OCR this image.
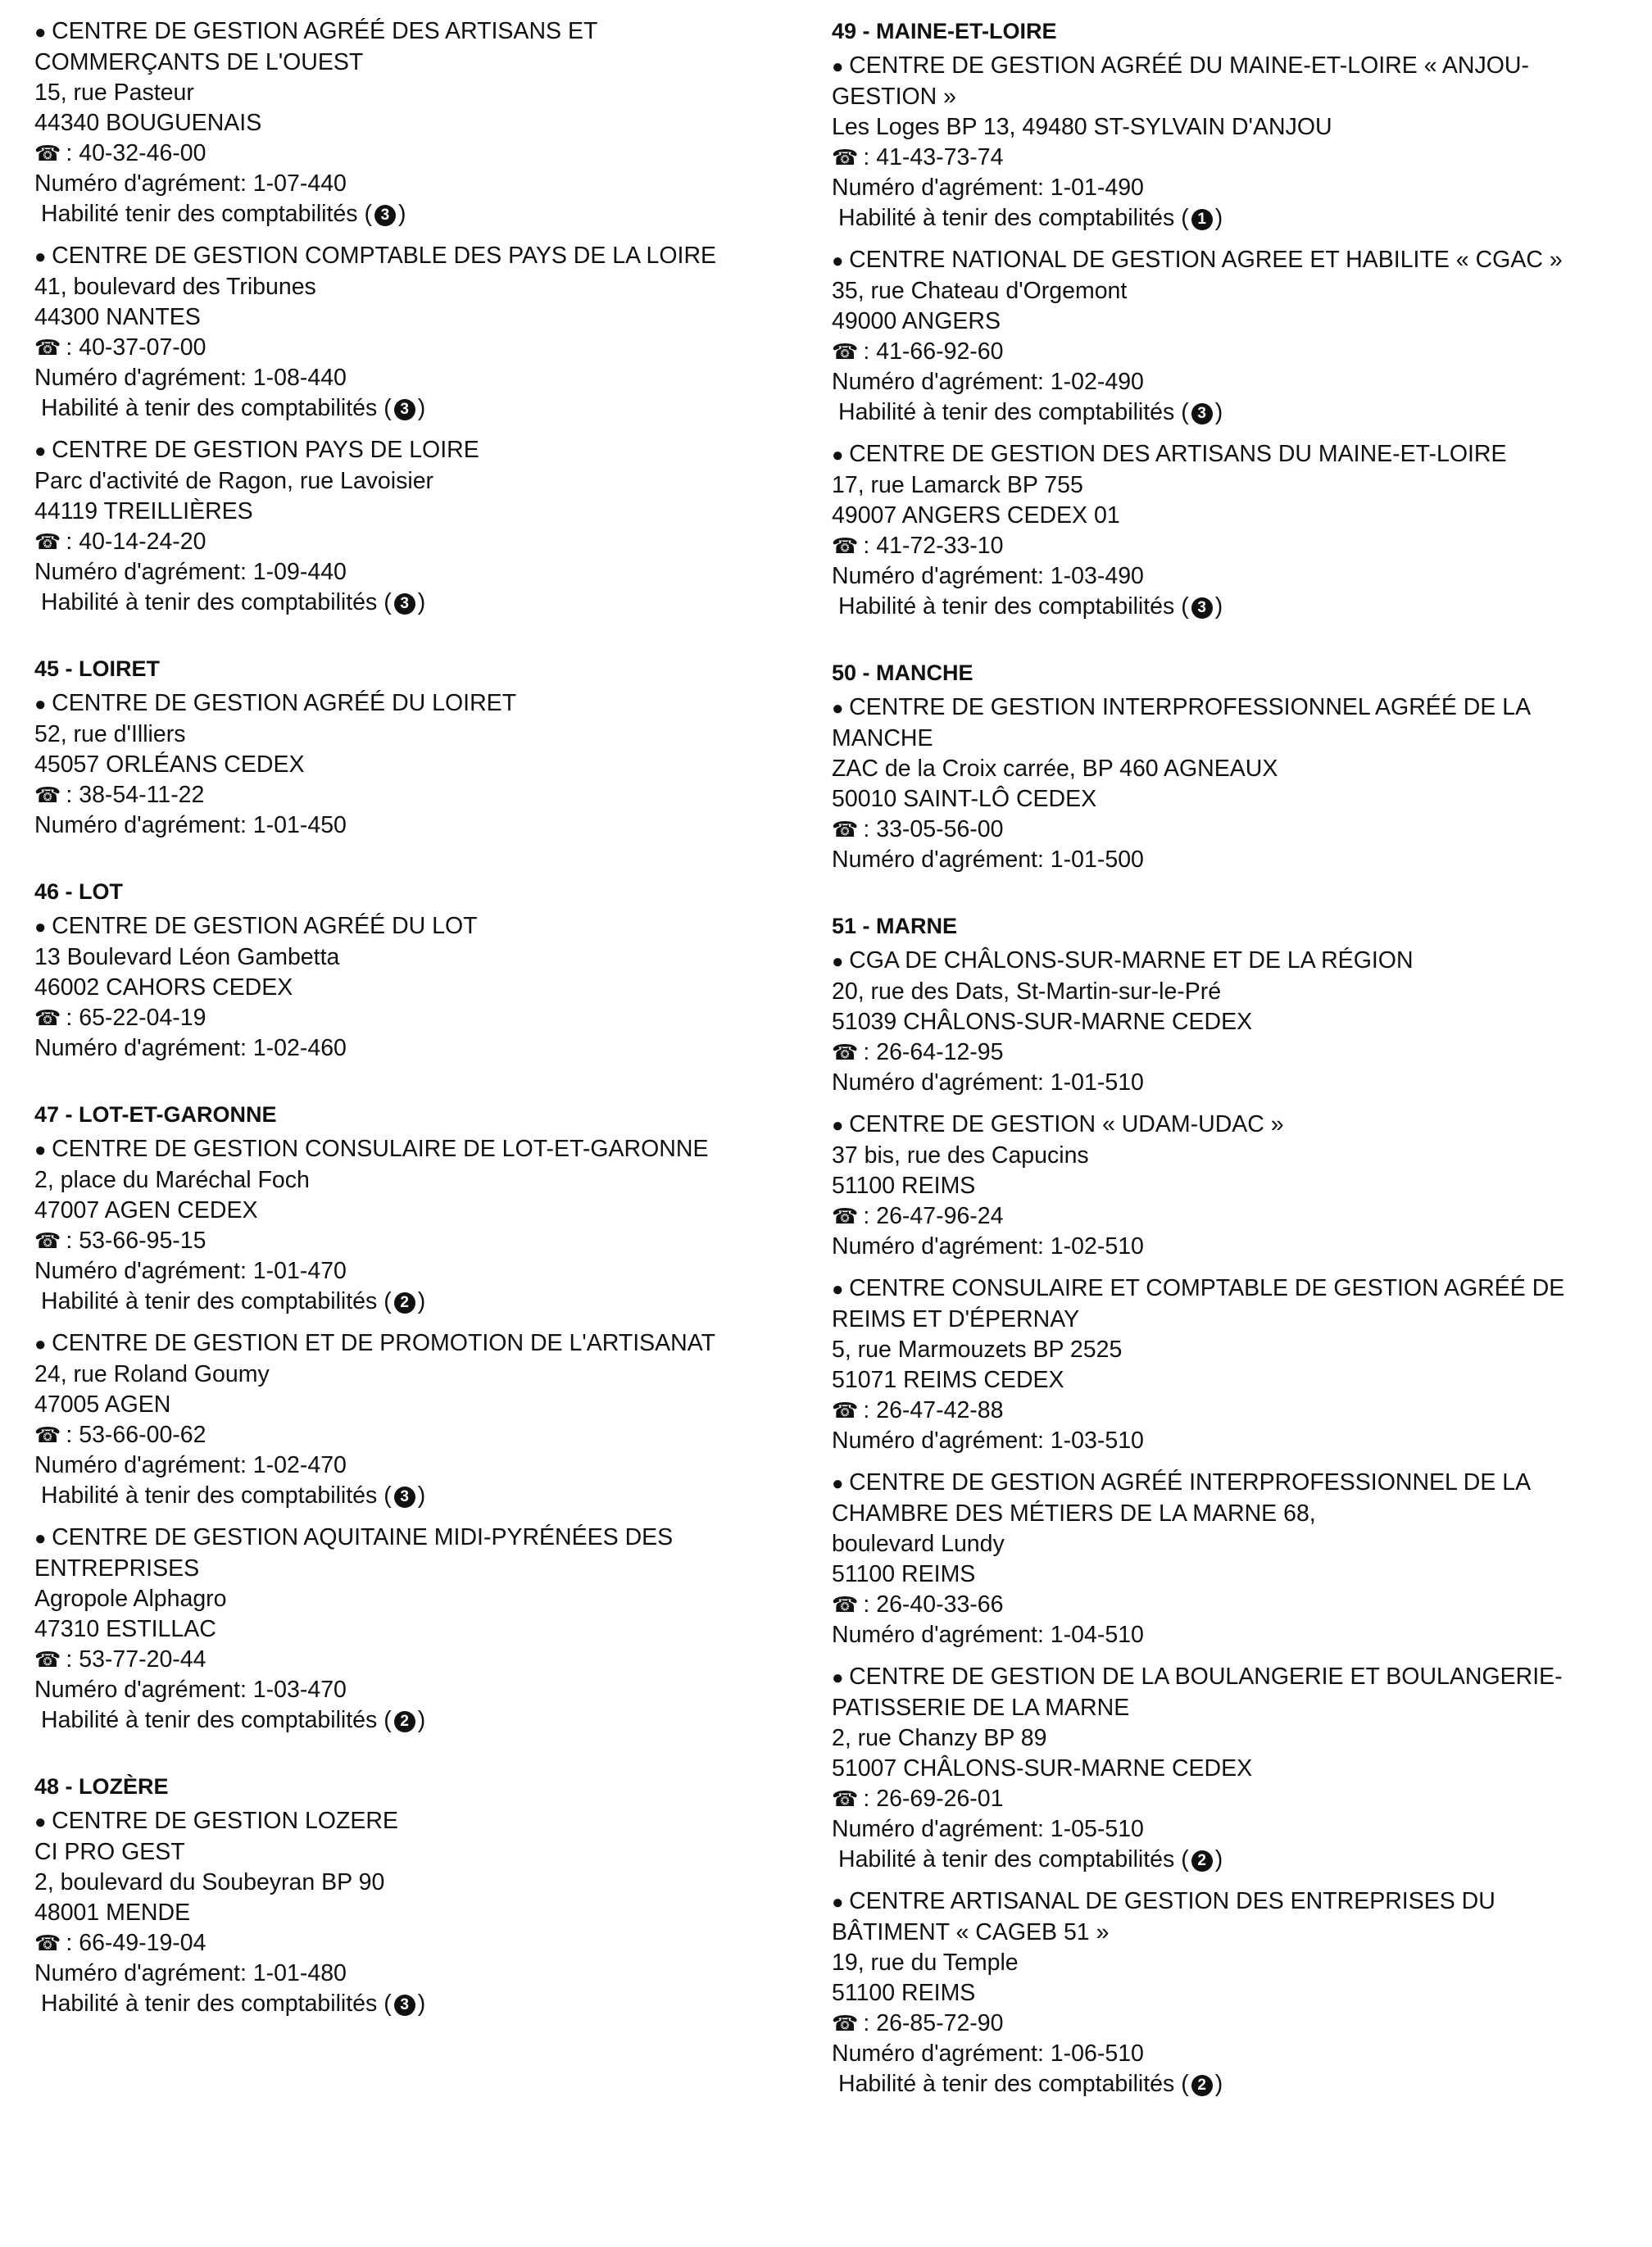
● CENTRE DE GESTION AGRÉÉ DES ARTISANS ET COMMERÇANTS DE L'OUEST
15, rue Pasteur
44340 BOUGUENAIS
☎ : 40-32-46-00
Numéro d'agrément: 1-07-440
Habilité tenir des comptabilités ( 3 )
● CENTRE DE GESTION COMPTABLE DES PAYS DE LA LOIRE
41, boulevard des Tribunes
44300 NANTES
☎ : 40-37-07-00
Numéro d'agrément: 1-08-440
Habilité à tenir des comptabilités ( 3 )
● CENTRE DE GESTION PAYS DE LOIRE
Parc d'activité de Ragon, rue Lavoisier
44119 TREILLIÈRES
☎ : 40-14-24-20
Numéro d'agrément: 1-09-440
Habilité à tenir des comptabilités ( 3 )
45 - LOIRET
● CENTRE DE GESTION AGRÉÉ DU LOIRET
52, rue d'Illiers
45057 ORLÉANS CEDEX
☎ : 38-54-11-22
Numéro d'agrément: 1-01-450
46 - LOT
● CENTRE DE GESTION AGRÉÉ DU LOT
13 Boulevard Léon Gambetta
46002 CAHORS CEDEX
☎ : 65-22-04-19
Numéro d'agrément: 1-02-460
47 - LOT-ET-GARONNE
● CENTRE DE GESTION CONSULAIRE DE LOT-ET-GARONNE
2, place du Maréchal Foch
47007 AGEN CEDEX
☎ : 53-66-95-15
Numéro d'agrément: 1-01-470
Habilité à tenir des comptabilités ( 2 )
● CENTRE DE GESTION ET DE PROMOTION DE L'ARTISANAT
24, rue Roland Goumy
47005 AGEN
☎ : 53-66-00-62
Numéro d'agrément: 1-02-470
Habilité à tenir des comptabilités ( 3 )
● CENTRE DE GESTION AQUITAINE MIDI-PYRÉNÉES DES ENTREPRISES
Agropole Alphagro
47310 ESTILLAC
☎ : 53-77-20-44
Numéro d'agrément: 1-03-470
Habilité à tenir des comptabilités ( 2 )
48 - LOZÈRE
● CENTRE DE GESTION LOZERE
CI PRO GEST
2, boulevard du Soubeyran BP 90
48001 MENDE
☎ : 66-49-19-04
Numéro d'agrément: 1-01-480
Habilité à tenir des comptabilités ( 3 )
49 - MAINE-ET-LOIRE
● CENTRE DE GESTION AGRÉÉ DU MAINE-ET-LOIRE « ANJOU-GESTION »
Les Loges BP 13, 49480 ST-SYLVAIN D'ANJOU
☎ : 41-43-73-74
Numéro d'agrément: 1-01-490
Habilité à tenir des comptabilités ( 1 )
● CENTRE NATIONAL DE GESTION AGREE ET HABILITE « CGAC »
35, rue Chateau d'Orgemont
49000 ANGERS
☎ : 41-66-92-60
Numéro d'agrément: 1-02-490
Habilité à tenir des comptabilités ( 3 )
● CENTRE DE GESTION DES ARTISANS DU MAINE-ET-LOIRE
17, rue Lamarck BP 755
49007 ANGERS CEDEX 01
☎ : 41-72-33-10
Numéro d'agrément: 1-03-490
Habilité à tenir des comptabilités ( 3 )
50 - MANCHE
● CENTRE DE GESTION INTERPROFESSIONNEL AGRÉÉ DE LA MANCHE
ZAC de la Croix carrée, BP 460 AGNEAUX
50010 SAINT-LÔ CEDEX
☎ : 33-05-56-00
Numéro d'agrément: 1-01-500
51 - MARNE
● CGA DE CHÂLONS-SUR-MARNE ET DE LA RÉGION
20, rue des Dats, St-Martin-sur-le-Pré
51039 CHÂLONS-SUR-MARNE CEDEX
☎ : 26-64-12-95
Numéro d'agrément: 1-01-510
● CENTRE DE GESTION « UDAM-UDAC »
37 bis, rue des Capucins
51100 REIMS
☎ : 26-47-96-24
Numéro d'agrément: 1-02-510
● CENTRE CONSULAIRE ET COMPTABLE DE GESTION AGRÉÉ DE REIMS ET D'ÉPERNAY
5, rue Marmouzets BP 2525
51071 REIMS CEDEX
☎ : 26-47-42-88
Numéro d'agrément: 1-03-510
● CENTRE DE GESTION AGRÉÉ INTERPROFESSIONNEL DE LA CHAMBRE DES MÉTIERS DE LA MARNE 68,
boulevard Lundy
51100 REIMS
☎ : 26-40-33-66
Numéro d'agrément: 1-04-510
● CENTRE DE GESTION DE LA BOULANGERIE ET BOULANGERIE-PATISSERIE DE LA MARNE
2, rue Chanzy BP 89
51007 CHÂLONS-SUR-MARNE CEDEX
☎ : 26-69-26-01
Numéro d'agrément: 1-05-510
Habilité à tenir des comptabilités ( 2 )
● CENTRE ARTISANAL DE GESTION DES ENTREPRISES DU BÂTIMENT « CAGEB 51 »
19, rue du Temple
51100 REIMS
☎ : 26-85-72-90
Numéro d'agrément: 1-06-510
Habilité à tenir des comptabilités ( 2 )
